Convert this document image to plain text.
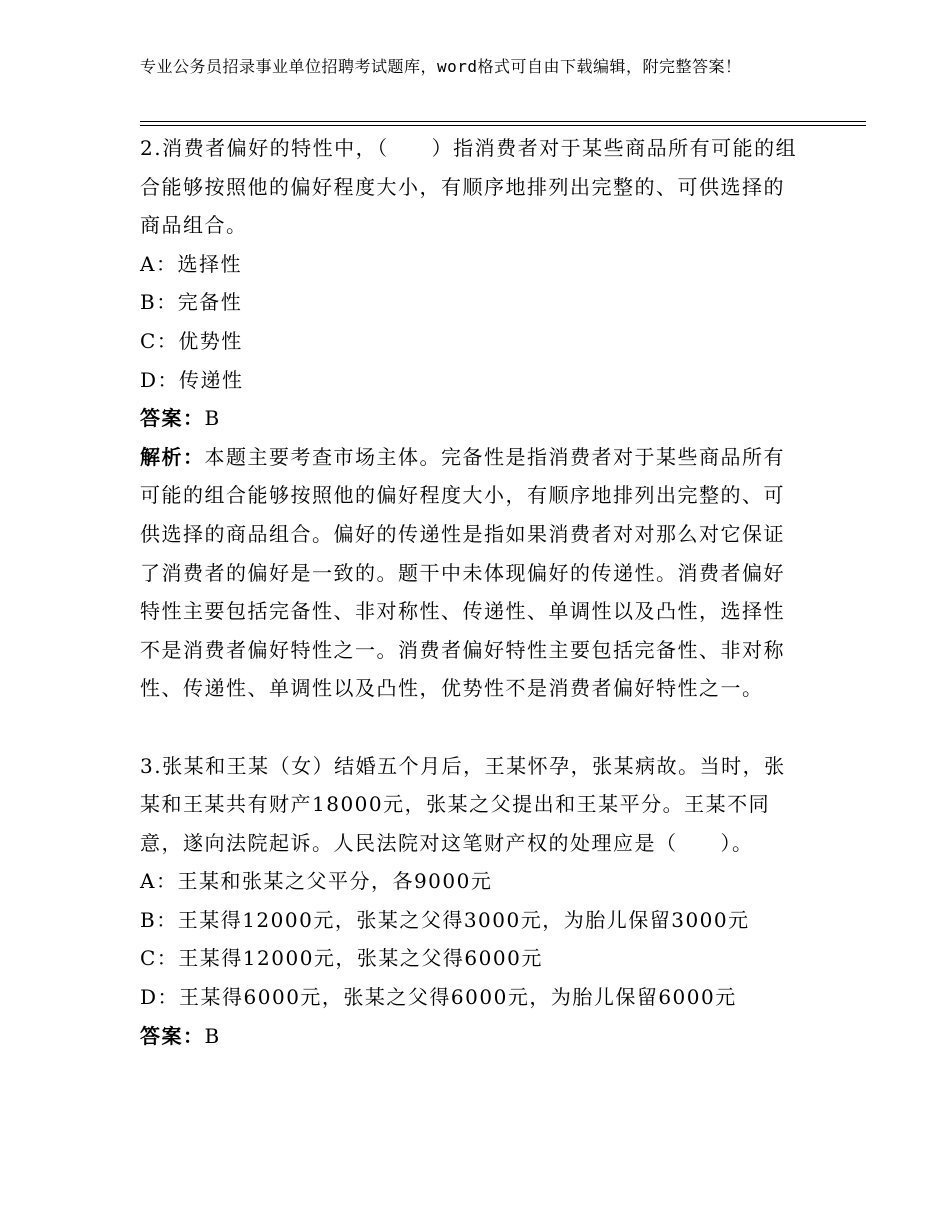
专业公务员招录事业单位招聘考试题库，word格式可自由下载编辑，附完整答案！

2.消费者偏好的特性中，（　　）指消费者对于某些商品所有可能的组合能够按照他的偏好程度大小，有顺序地排列出完整的、可供选择的商品组合。

A：选择性

B：完备性

C：优势性

D：传递性

答案：B

解析：本题主要考查市场主体。完备性是指消费者对于某些商品所有可能的组合能够按照他的偏好程度大小，有顺序地排列出完整的、可供选择的商品组合。偏好的传递性是指如果消费者对对那么对它保证了消费者的偏好是一致的。题干中未体现偏好的传递性。消费者偏好特性主要包括完备性、非对称性、传递性、单调性以及凸性，选择性不是消费者偏好特性之一。消费者偏好特性主要包括完备性、非对称性、传递性、单调性以及凸性，优势性不是消费者偏好特性之一。

3.张某和王某（女）结婚五个月后，王某怀孕，张某病故。当时，张某和王某共有财产18000元，张某之父提出和王某平分。王某不同意，遂向法院起诉。人民法院对这笔财产权的处理应是（　　）。

A：王某和张某之父平分，各9000元

B：王某得12000元，张某之父得3000元，为胎儿保留3000元

C：王某得12000元，张某之父得6000元

D：王某得6000元，张某之父得6000元，为胎儿保留6000元

答案：B
